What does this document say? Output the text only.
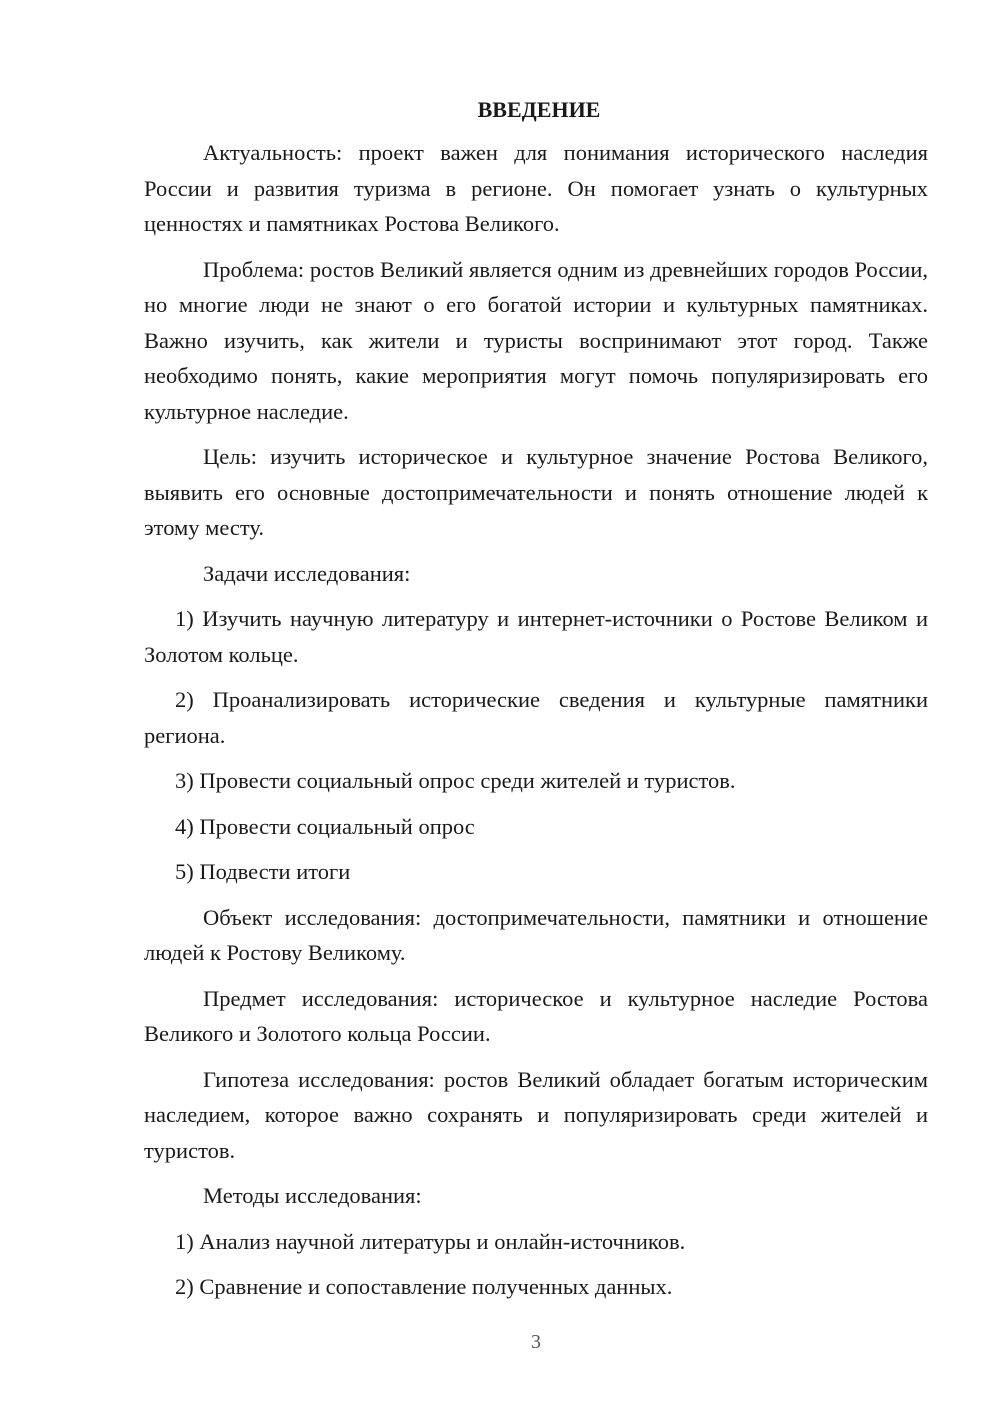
ВВЕДЕНИЕ

Актуальность: проект важен для понимания исторического наследия России и развития туризма в регионе. Он помогает узнать о культурных ценностях и памятниках Ростова Великого.

Проблема: ростов Великий является одним из древнейших городов России, но многие люди не знают о его богатой истории и культурных памятниках. Важно изучить, как жители и туристы воспринимают этот город. Также необходимо понять, какие мероприятия могут помочь популяризировать его культурное наследие.

Цель: изучить историческое и культурное значение Ростова Великого, выявить его основные достопримечательности и понять отношение людей к этому месту.

Задачи исследования:

1) Изучить научную литературу и интернет-источники о Ростове Великом и Золотом кольце.

2) Проанализировать исторические сведения и культурные памятники региона.

3) Провести социальный опрос среди жителей и туристов.

4) Провести социальный опрос

5) Подвести итоги

Объект исследования: достопримечательности, памятники и отношение людей к Ростову Великому.

Предмет исследования: историческое и культурное наследие Ростова Великого и Золотого кольца России.

Гипотеза исследования: ростов Великий обладает богатым историческим наследием, которое важно сохранять и популяризировать среди жителей и туристов.

Методы исследования:

1) Анализ научной литературы и онлайн-источников.

2) Сравнение и сопоставление полученных данных.

3
